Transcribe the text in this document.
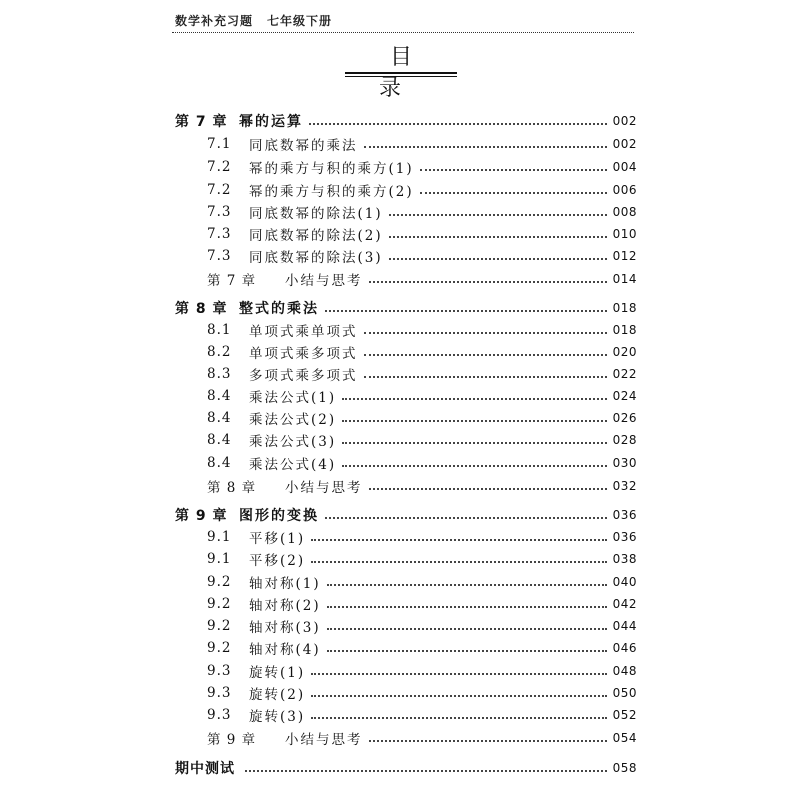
数学补充习题 七年级下册
目　录
第 7 章 幂的运算	002
7.1	同底数幂的乘法	002
7.2	幂的乘方与积的乘方(1)	004
7.2	幂的乘方与积的乘方(2)	006
7.3	同底数幂的除法(1)	008
7.3	同底数幂的除法(2)	010
7.3	同底数幂的除法(3)	012
第 7 章	小结与思考	014
第 8 章 整式的乘法	018
8.1	单项式乘单项式	018
8.2	单项式乘多项式	020
8.3	多项式乘多项式	022
8.4	乘法公式(1)	024
8.4	乘法公式(2)	026
8.4	乘法公式(3)	028
8.4	乘法公式(4)	030
第 8 章	小结与思考	032
第 9 章 图形的变换	036
9.1	平移(1)	036
9.1	平移(2)	038
9.2	轴对称(1)	040
9.2	轴对称(2)	042
9.2	轴对称(3)	044
9.2	轴对称(4)	046
9.3	旋转(1)	048
9.3	旋转(2)	050
9.3	旋转(3)	052
第 9 章	小结与思考	054
期中测试	058
